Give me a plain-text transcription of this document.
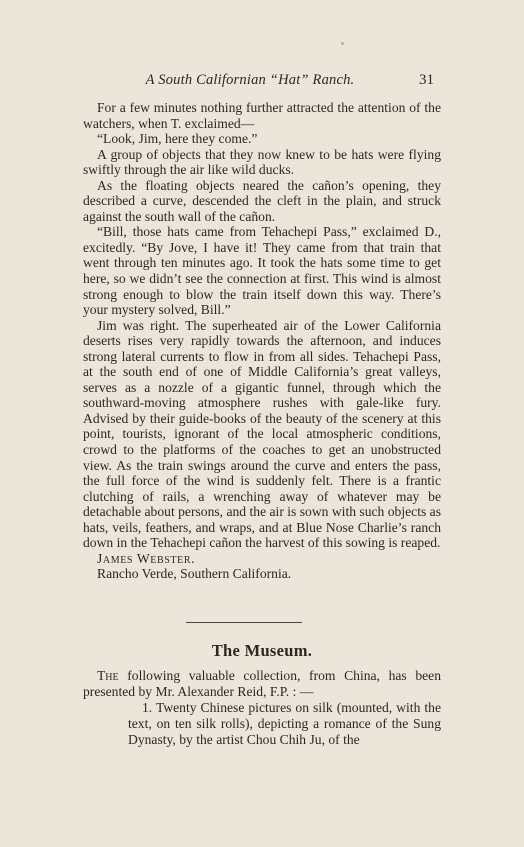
A South Californian “Hat” Ranch.	31

For a few minutes nothing further attracted the attention of the watchers, when T. exclaimed—

“Look, Jim, here they come.”

A group of objects that they now knew to be hats were flying swiftly through the air like wild ducks.

As the floating objects neared the cañon’s opening, they described a curve, descended the cleft in the plain, and struck against the south wall of the cañon.

“Bill, those hats came from Tehachepi Pass,” exclaimed D., excitedly. “By Jove, I have it! They came from that train that went through ten minutes ago. It took the hats some time to get here, so we didn’t see the connection at first. This wind is almost strong enough to blow the train itself down this way. There’s your mystery solved, Bill.”

Jim was right. The superheated air of the Lower California deserts rises very rapidly towards the afternoon, and induces strong lateral currents to flow in from all sides. Tehachepi Pass, at the south end of one of Middle California’s great valleys, serves as a nozzle of a gigantic funnel, through which the southward-moving atmosphere rushes with gale-like fury. Advised by their guide-books of the beauty of the scenery at this point, tourists, ignorant of the local atmospheric conditions, crowd to the platforms of the coaches to get an unobstructed view. As the train swings around the curve and enters the pass, the full force of the wind is suddenly felt. There is a frantic clutching of rails, a wrenching away of whatever may be detachable about persons, and the air is sown with such objects as hats, veils, feathers, and wraps, and at Blue Nose Charlie’s ranch down in the Tehachepi cañon the harvest of this sowing is reaped.

James Webster.

Rancho Verde, Southern California.

The Museum.

The following valuable collection, from China, has been presented by Mr. Alexander Reid, F.P. : —

1. Twenty Chinese pictures on silk (mounted, with the text, on ten silk rolls), depicting a romance of the Sung Dynasty, by the artist Chou Chih Ju, of the
